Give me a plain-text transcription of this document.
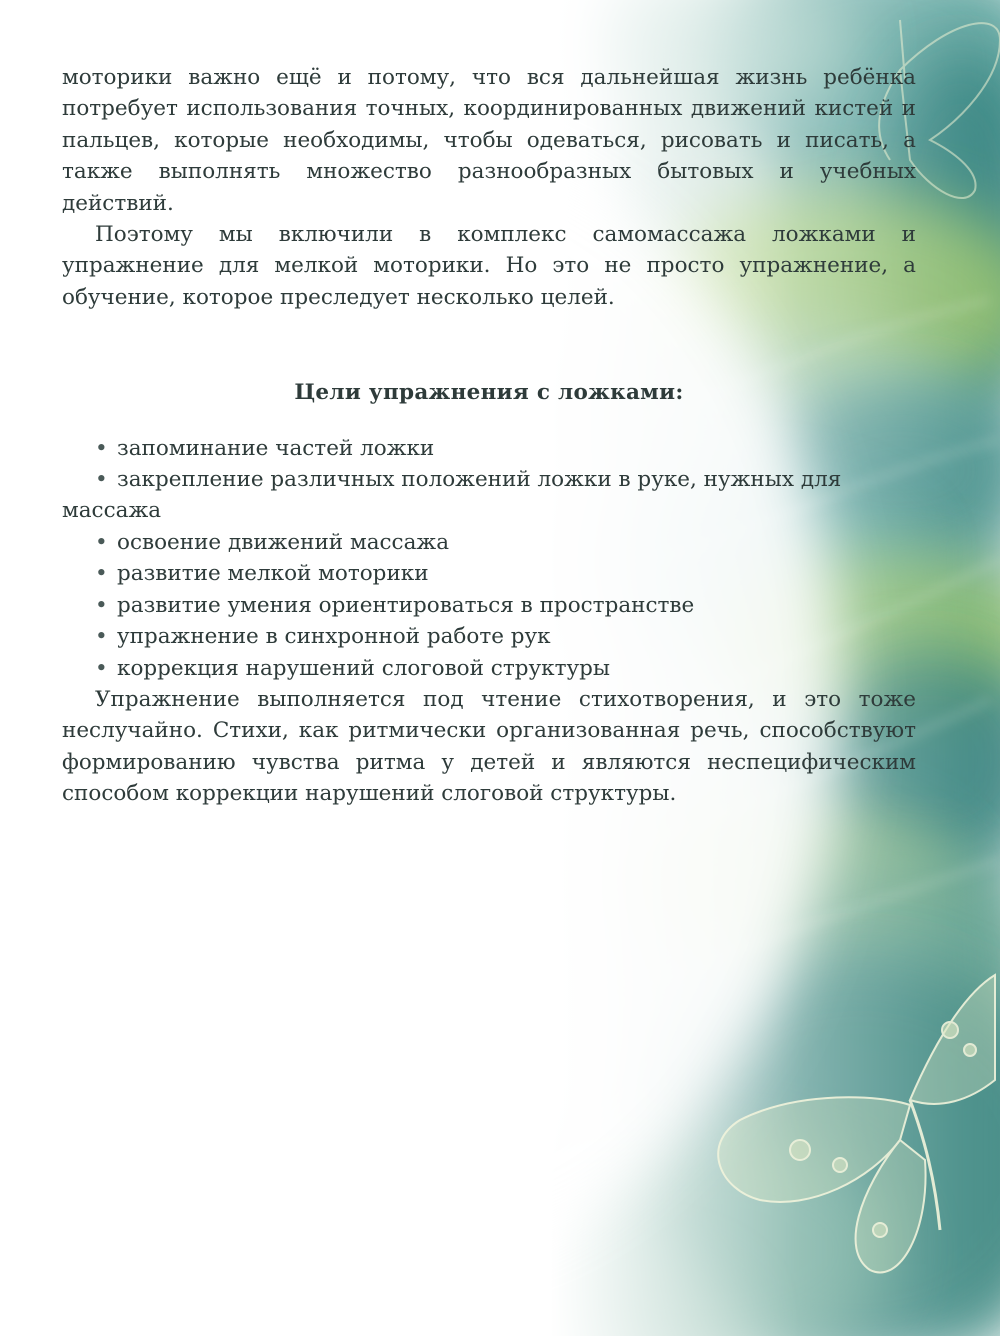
моторики важно ещё и потому, что вся дальнейшая жизнь ребёнка потребует использования точных, координированных движений кистей и пальцев, которые необходимы, чтобы одеваться, рисовать и писать, а также выполнять множество разнообразных бытовых и учебных действий.

Поэтому мы включили в комплекс самомассажа ложками и упражнение для мелкой моторики. Но это не просто упражнение, а обучение, которое преследует несколько целей.

Цели упражнения с ложками:
• запоминание частей ложки
• закрепление различных положений ложки в руке, нужных для массажа
• освоение движений массажа
• развитие мелкой моторики
• развитие умения ориентироваться в пространстве
• упражнение в синхронной работе рук
• коррекция нарушений слоговой структуры

Упражнение выполняется под чтение стихотворения, и это тоже неслучайно. Стихи, как ритмически организованная речь, способствуют формированию чувства ритма у детей и являются неспецифическим способом коррекции нарушений слоговой структуры.
